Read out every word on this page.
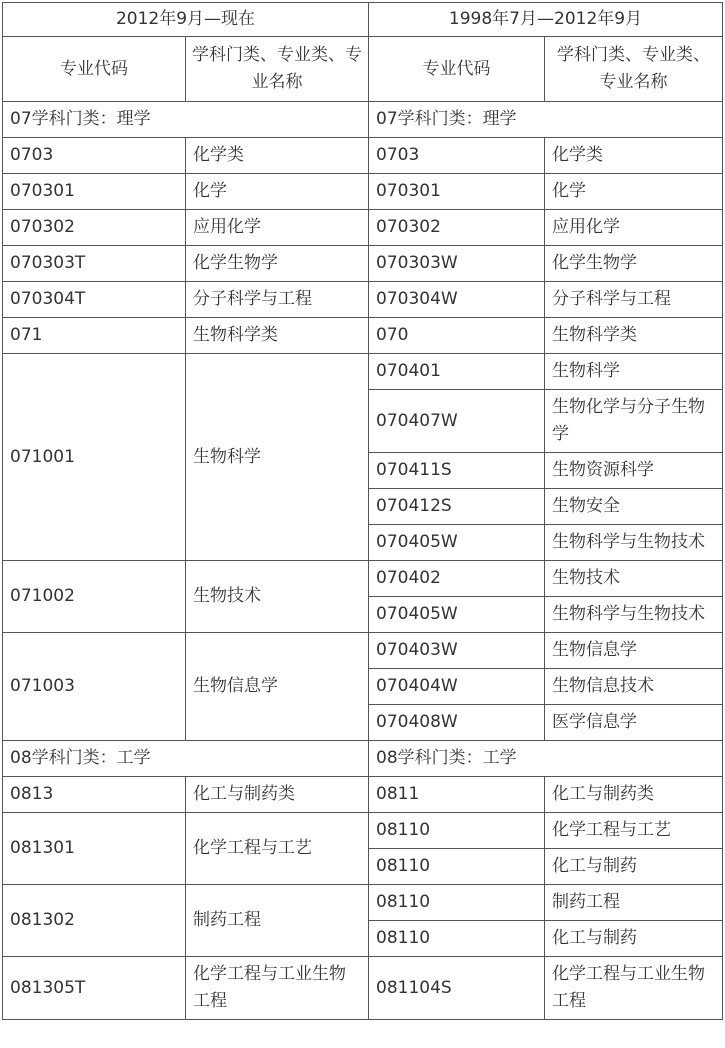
2012年9月—现在		1998年7月—2012年9月	
专业代码	学科门类、专业类、专业名称	专业代码	学科门类、专业类、专业名称
07学科门类：理学		07学科门类：理学	
0703	化学类	0703	化学类
070301	化学	070301	化学
070302	应用化学	070302	应用化学
070303T	化学生物学	070303W	化学生物学
070304T	分子科学与工程	070304W	分子科学与工程
071	生物科学类	070	生物科学类
071001	生物科学	070401	生物科学
		070407W	生物化学与分子生物学
		070411S	生物资源科学
		070412S	生物安全
		070405W	生物科学与生物技术
071002	生物技术	070402	生物技术
		070405W	生物科学与生物技术
071003	生物信息学	070403W	生物信息学
		070404W	生物信息技术
		070408W	医学信息学
08学科门类：工学		08学科门类：工学	
0813	化工与制药类	0811	化工与制药类
081301	化学工程与工艺	08110	化学工程与工艺
		08110	化工与制药
081302	制药工程	08110	制药工程
		08110	化工与制药
081305T	化学工程与工业生物工程	081104S	化学工程与工业生物工程
